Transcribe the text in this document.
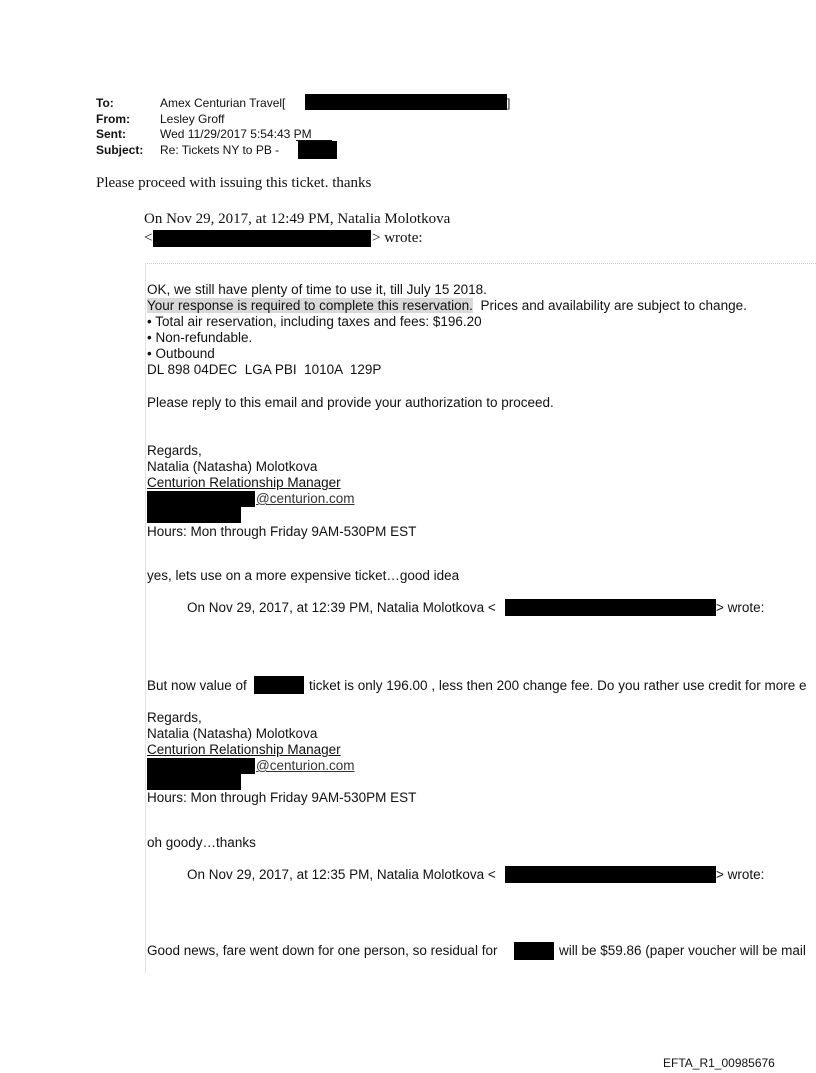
To:	Amex Centurian Travel[	]
From:	Lesley Groff
Sent:	Wed 11/29/2017 5:54:43 PM
Subject: Re: Tickets NY to PB -
Please proceed with issuing this ticket. thanks
On Nov 29, 2017, at 12:49 PM, Natalia Molotkova
<	> wrote:
OK, we still have plenty of time to use it, till July 15 2018.
Your response is required to complete this reservation.  Prices and availability are subject to change.
• Total air reservation, including taxes and fees: $196.20
• Non-refundable.
• Outbound
DL 898 04DEC  LGA PBI  1010A  129P
Please reply to this email and provide your authorization to proceed.
Regards,
Natalia (Natasha) Molotkova
Centurion Relationship Manager
@centurion.com
Hours: Mon through Friday 9AM-530PM EST
yes, lets use on a more expensive ticket…good idea
On Nov 29, 2017, at 12:39 PM, Natalia Molotkova <	> wrote:
But now value of	ticket is only 196.00 , less then 200 change fee. Do you rather use credit for more e
Regards,
Natalia (Natasha) Molotkova
Centurion Relationship Manager
@centurion.com
Hours: Mon through Friday 9AM-530PM EST
oh goody…thanks
On Nov 29, 2017, at 12:35 PM, Natalia Molotkova <	> wrote:
Good news, fare went down for one person, so residual for	will be $59.86 (paper voucher will be mail
EFTA_R1_00985676
